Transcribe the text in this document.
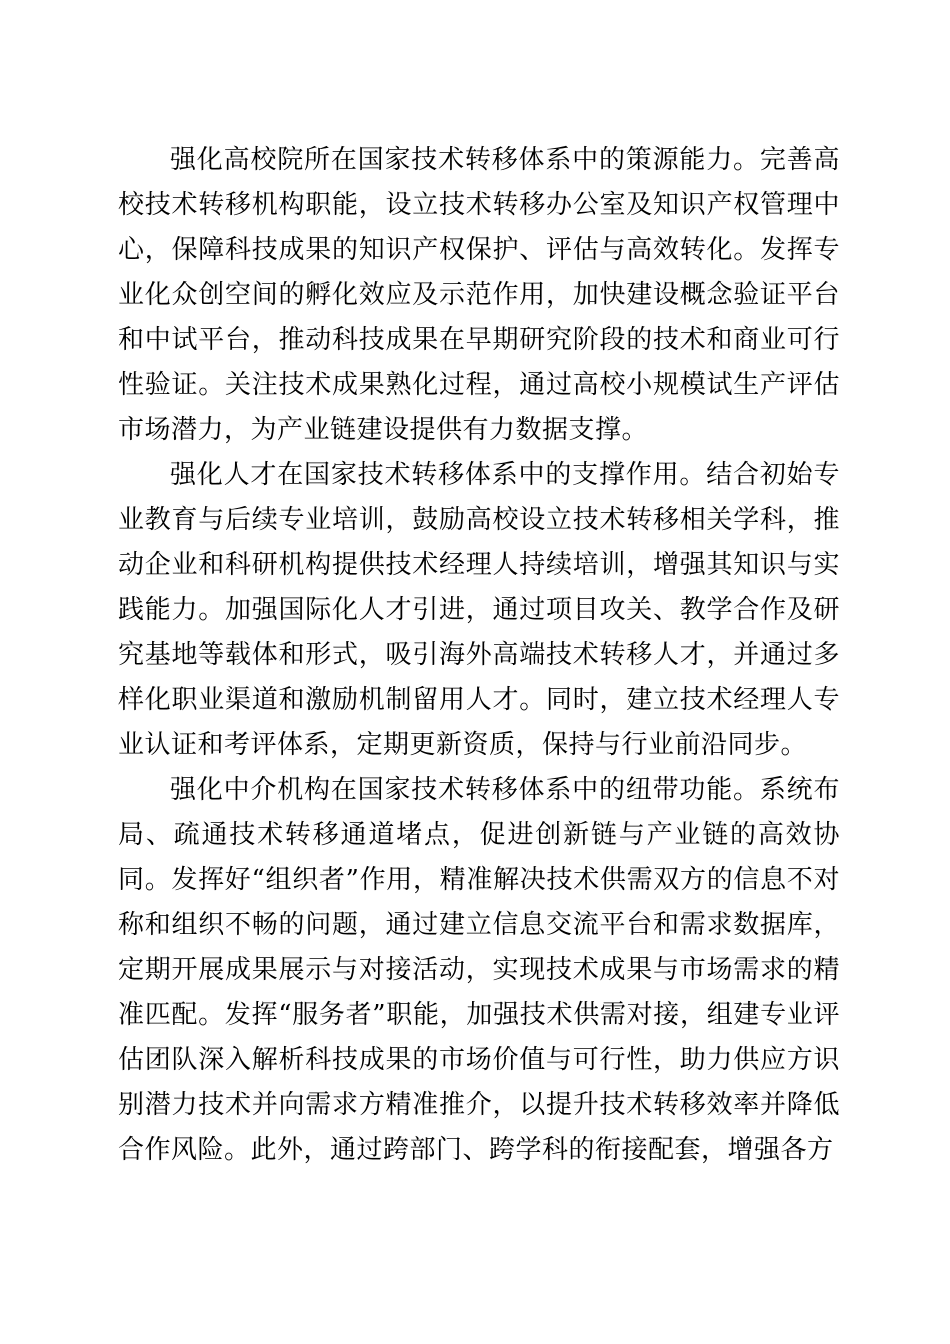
强化高校院所在国家技术转移体系中的策源能力。完善高校技术转移机构职能，设立技术转移办公室及知识产权管理中心，保障科技成果的知识产权保护、评估与高效转化。发挥专业化众创空间的孵化效应及示范作用，加快建设概念验证平台和中试平台，推动科技成果在早期研究阶段的技术和商业可行性验证。关注技术成果熟化过程，通过高校小规模试生产评估市场潜力，为产业链建设提供有力数据支撑。

强化人才在国家技术转移体系中的支撑作用。结合初始专业教育与后续专业培训，鼓励高校设立技术转移相关学科，推动企业和科研机构提供技术经理人持续培训，增强其知识与实践能力。加强国际化人才引进，通过项目攻关、教学合作及研究基地等载体和形式，吸引海外高端技术转移人才，并通过多样化职业渠道和激励机制留用人才。同时，建立技术经理人专业认证和考评体系，定期更新资质，保持与行业前沿同步。

强化中介机构在国家技术转移体系中的纽带功能。系统布局、疏通技术转移通道堵点，促进创新链与产业链的高效协同。发挥好“组织者”作用，精准解决技术供需双方的信息不对称和组织不畅的问题，通过建立信息交流平台和需求数据库，定期开展成果展示与对接活动，实现技术成果与市场需求的精准匹配。发挥“服务者”职能，加强技术供需对接，组建专业评估团队深入解析科技成果的市场价值与可行性，助力供应方识别潜力技术并向需求方精准推介，以提升技术转移效率并降低合作风险。此外，通过跨部门、跨学科的衔接配套，增强各方
